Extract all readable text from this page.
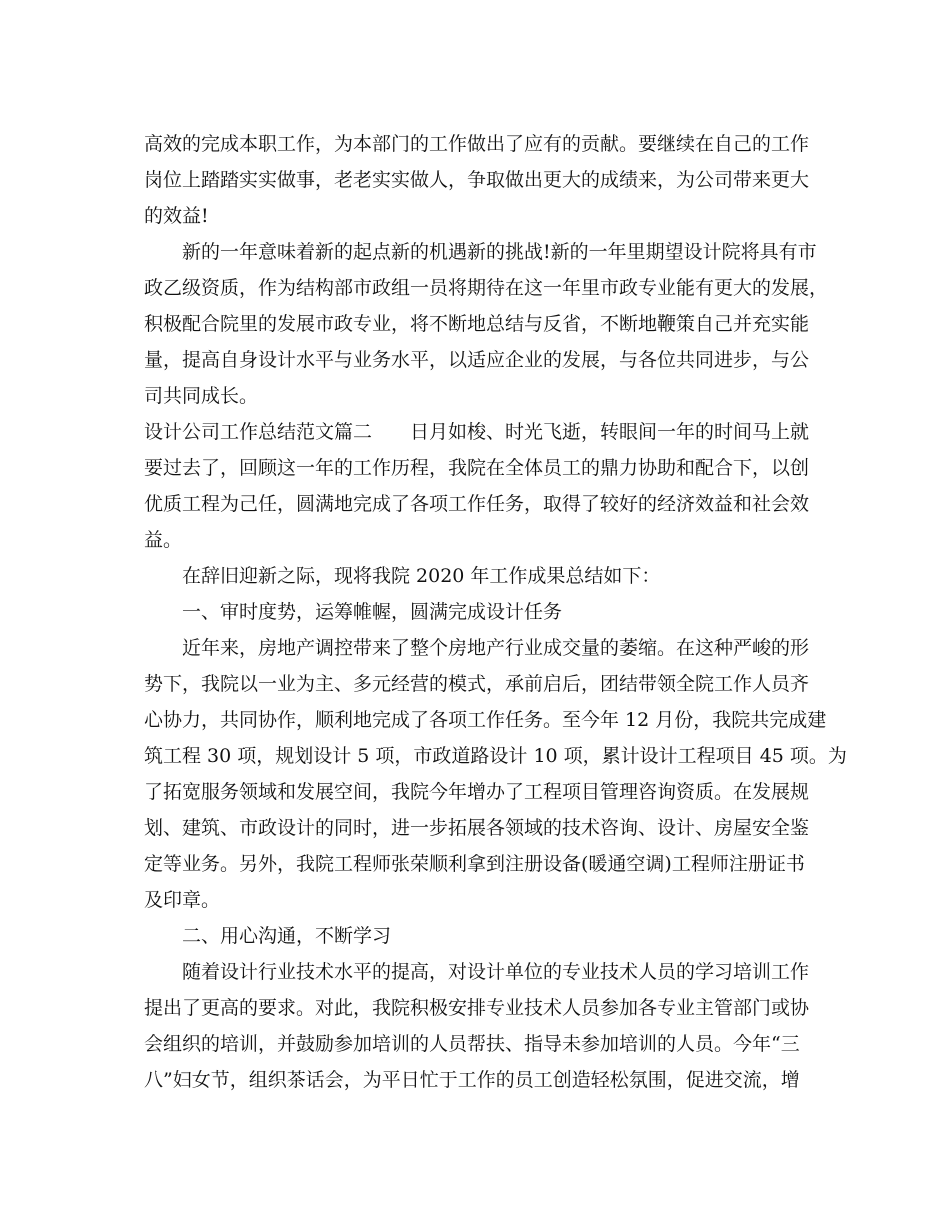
高效的完成本职工作，为本部门的工作做出了应有的贡献。要继续在自己的工作
岗位上踏踏实实做事，老老实实做人，争取做出更大的成绩来，为公司带来更大
的效益!
新的一年意味着新的起点新的机遇新的挑战!新的一年里期望设计院将具有市
政乙级资质，作为结构部市政组一员将期待在这一年里市政专业能有更大的发展，
积极配合院里的发展市政专业，将不断地总结与反省，不断地鞭策自己并充实能
量，提高自身设计水平与业务水平，以适应企业的发展，与各位共同进步，与公
司共同成长。
设计公司工作总结范文篇二　　日月如梭、时光飞逝，转眼间一年的时间马上就
要过去了，回顾这一年的工作历程，我院在全体员工的鼎力协助和配合下，以创
优质工程为己任，圆满地完成了各项工作任务，取得了较好的经济效益和社会效
益。
在辞旧迎新之际，现将我院 2020 年工作成果总结如下：
一、审时度势，运筹帷幄，圆满完成设计任务
近年来，房地产调控带来了整个房地产行业成交量的萎缩。在这种严峻的形
势下，我院以一业为主、多元经营的模式，承前启后，团结带领全院工作人员齐
心协力，共同协作，顺利地完成了各项工作任务。至今年 12 月份，我院共完成建
筑工程 30 项，规划设计 5 项，市政道路设计 10 项，累计设计工程项目 45 项。为
了拓宽服务领域和发展空间，我院今年增办了工程项目管理咨询资质。在发展规
划、建筑、市政设计的同时，进一步拓展各领域的技术咨询、设计、房屋安全鉴
定等业务。另外，我院工程师张荣顺利拿到注册设备(暖通空调)工程师注册证书
及印章。
二、用心沟通，不断学习
随着设计行业技术水平的提高，对设计单位的专业技术人员的学习培训工作
提出了更高的要求。对此，我院积极安排专业技术人员参加各专业主管部门或协
会组织的培训，并鼓励参加培训的人员帮扶、指导未参加培训的人员。今年“三
八”妇女节，组织茶话会，为平日忙于工作的员工创造轻松氛围，促进交流，增
